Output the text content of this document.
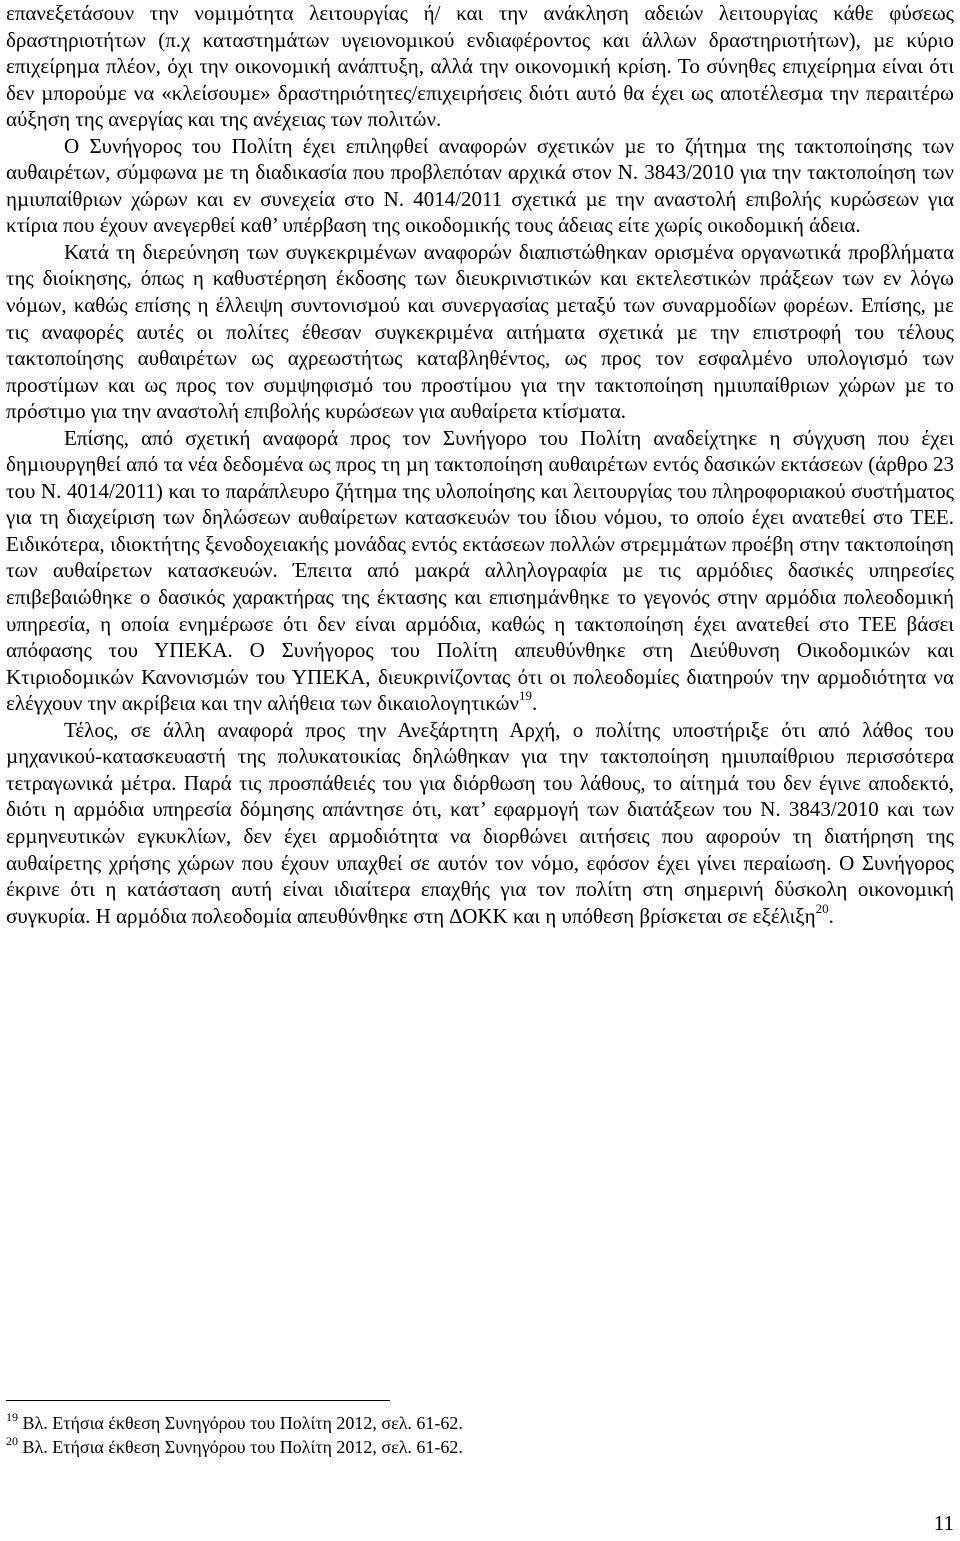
επανεξετάσουν την νοµιµότητα λειτουργίας ή/ και την ανάκληση αδειών λειτουργίας κάθε φύσεως δραστηριοτήτων (π.χ καταστηµάτων υγειονοµικού ενδιαφέροντος και άλλων δραστηριοτήτων), µε κύριο επιχείρηµα πλέον, όχι την οικονοµική ανάπτυξη, αλλά την οικονοµική κρίση. Το σύνηθες επιχείρηµα είναι ότι δεν µπορούµε να «κλείσουµε» δραστηριότητες/επιχειρήσεις διότι αυτό θα έχει ως αποτέλεσµα την περαιτέρω αύξηση της ανεργίας και της ανέχειας των πολιτών.

Ο Συνήγορος του Πολίτη έχει επιληφθεί αναφορών σχετικών µε το ζήτηµα της τακτοποίησης των αυθαιρέτων, σύµφωνα µε τη διαδικασία που προβλεπόταν αρχικά στον Ν. 3843/2010 για την τακτοποίηση των ηµιυπαίθριων χώρων και εν συνεχεία στο Ν. 4014/2011 σχετικά µε την αναστολή επιβολής κυρώσεων για κτίρια που έχουν ανεγερθεί καθ’ υπέρβαση της οικοδοµικής τους άδειας είτε χωρίς οικοδοµική άδεια.

Κατά τη διερεύνηση των συγκεκριµένων αναφορών διαπιστώθηκαν ορισµένα οργανωτικά προβλήµατα της διοίκησης, όπως η καθυστέρηση έκδοσης των διευκρινιστικών και εκτελεστικών πράξεων των εν λόγω νόµων, καθώς επίσης η έλλειψη συντονισµού και συνεργασίας µεταξύ των συναρµοδίων φορέων. Επίσης, µε τις αναφορές αυτές οι πολίτες έθεσαν συγκεκριµένα αιτήµατα σχετικά µε την επιστροφή του τέλους τακτοποίησης αυθαιρέτων ως αχρεωστήτως καταβληθέντος, ως προς τον εσφαλµένο υπολογισµό των προστίµων και ως προς τον συµψηφισµό του προστίµου για την τακτοποίηση ηµιυπαίθριων χώρων µε το πρόστιµο για την αναστολή επιβολής κυρώσεων για αυθαίρετα κτίσµατα.

Επίσης, από σχετική αναφορά προς τον Συνήγορο του Πολίτη αναδείχτηκε η σύγχυση που έχει δηµιουργηθεί από τα νέα δεδοµένα ως προς τη µη τακτοποίηση αυθαιρέτων εντός δασικών εκτάσεων (άρθρο 23 του Ν. 4014/2011) και το παράπλευρο ζήτηµα της υλοποίησης και λειτουργίας του πληροφοριακού συστήµατος για τη διαχείριση των δηλώσεων αυθαίρετων κατασκευών του ίδιου νόµου, το οποίο έχει ανατεθεί στο ΤΕΕ. Ειδικότερα, ιδιοκτήτης ξενοδοχειακής µονάδας εντός εκτάσεων πολλών στρεµµάτων προέβη στην τακτοποίηση των αυθαίρετων κατασκευών. Έπειτα από µακρά αλληλογραφία µε τις αρµόδιες δασικές υπηρεσίες επιβεβαιώθηκε ο δασικός χαρακτήρας της έκτασης και επισηµάνθηκε το γεγονός στην αρµόδια πολεοδοµική υπηρεσία, η οποία ενηµέρωσε ότι δεν είναι αρµόδια, καθώς η τακτοποίηση έχει ανατεθεί στο ΤΕΕ βάσει απόφασης του ΥΠΕΚΑ. Ο Συνήγορος του Πολίτη απευθύνθηκε στη ∆ιεύθυνση Οικοδοµικών και Κτιριοδοµικών Κανονισµών του ΥΠΕΚΑ, διευκρινίζοντας ότι οι πολεοδοµίες διατηρούν την αρµοδιότητα να ελέγχουν την ακρίβεια και την αλήθεια των δικαιολογητικών$^{19}$.

Τέλος, σε άλλη αναφορά προς την Ανεξάρτητη Αρχή, ο πολίτης υποστήριξε ότι από λάθος του µηχανικού-κατασκευαστή της πολυκατοικίας δηλώθηκαν για την τακτοποίηση ηµιυπαίθριου περισσότερα τετραγωνικά µέτρα. Παρά τις προσπάθειές του για διόρθωση του λάθους, το αίτηµά του δεν έγινε αποδεκτό, διότι η αρµόδια υπηρεσία δόµησης απάντησε ότι, κατ’ εφαρµογή των διατάξεων του Ν. 3843/2010 και των ερµηνευτικών εγκυκλίων, δεν έχει αρµοδιότητα να διορθώνει αιτήσεις που αφορούν τη διατήρηση της αυθαίρετης χρήσης χώρων που έχουν υπαχθεί σε αυτόν τον νόµο, εφόσον έχει γίνει περαίωση. Ο Συνήγορος έκρινε ότι η κατάσταση αυτή είναι ιδιαίτερα επαχθής για τον πολίτη στη σηµερινή δύσκολη οικονοµική συγκυρία. Η αρµόδια πολεοδοµία απευθύνθηκε στη ∆ΟΚΚ και η υπόθεση βρίσκεται σε εξέλιξη$^{20}$.

$^{19}$ Βλ. Ετήσια έκθεση Συνηγόρου του Πολίτη 2012, σελ. 61-62.

$^{20}$ Βλ. Ετήσια έκθεση Συνηγόρου του Πολίτη 2012, σελ. 61-62.

11
